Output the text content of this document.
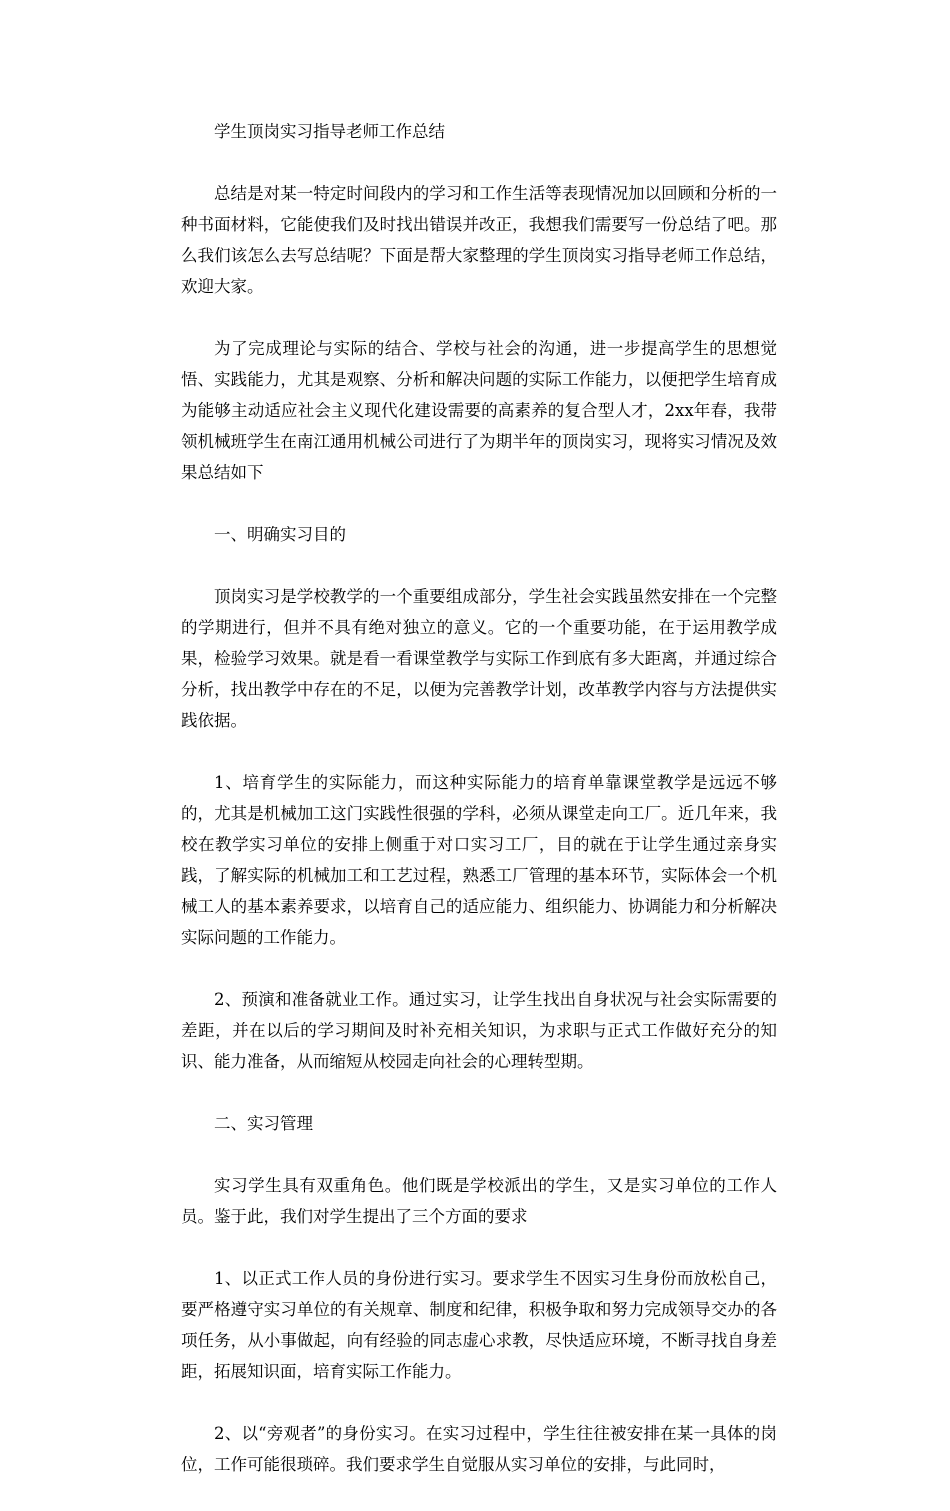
学生顶岗实习指导老师工作总结

总结是对某一特定时间段内的学习和工作生活等表现情况加以回顾和分析的一种书面材料，它能使我们及时找出错误并改正，我想我们需要写一份总结了吧。那么我们该怎么去写总结呢？下面是帮大家整理的学生顶岗实习指导老师工作总结，欢迎大家。

为了完成理论与实际的结合、学校与社会的沟通，进一步提高学生的思想觉悟、实践能力，尤其是观察、分析和解决问题的实际工作能力，以便把学生培育成为能够主动适应社会主义现代化建设需要的高素养的复合型人才，2xx年春，我带领机械班学生在南江通用机械公司进行了为期半年的顶岗实习，现将实习情况及效果总结如下

一、明确实习目的

顶岗实习是学校教学的一个重要组成部分，学生社会实践虽然安排在一个完整的学期进行，但并不具有绝对独立的意义。它的一个重要功能，在于运用教学成果，检验学习效果。就是看一看课堂教学与实际工作到底有多大距离，并通过综合分析，找出教学中存在的不足，以便为完善教学计划，改革教学内容与方法提供实践依据。

1、培育学生的实际能力，而这种实际能力的培育单靠课堂教学是远远不够的，尤其是机械加工这门实践性很强的学科，必须从课堂走向工厂。近几年来，我校在教学实习单位的安排上侧重于对口实习工厂，目的就在于让学生通过亲身实践，了解实际的机械加工和工艺过程，熟悉工厂管理的基本环节，实际体会一个机械工人的基本素养要求，以培育自己的适应能力、组织能力、协调能力和分析解决实际问题的工作能力。

2、预演和准备就业工作。通过实习，让学生找出自身状况与社会实际需要的差距，并在以后的学习期间及时补充相关知识，为求职与正式工作做好充分的知识、能力准备，从而缩短从校园走向社会的心理转型期。

二、实习管理

实习学生具有双重角色。他们既是学校派出的学生，又是实习单位的工作人员。鉴于此，我们对学生提出了三个方面的要求

1、以正式工作人员的身份进行实习。要求学生不因实习生身份而放松自己，要严格遵守实习单位的有关规章、制度和纪律，积极争取和努力完成领导交办的各项任务，从小事做起，向有经验的同志虚心求教，尽快适应环境，不断寻找自身差距，拓展知识面，培育实际工作能力。

2、以“旁观者”的身份实习。在实习过程中，学生往往被安排在某一具体的岗位，工作可能很琐碎。我们要求学生自觉服从实习单位的安排，与此同时，
